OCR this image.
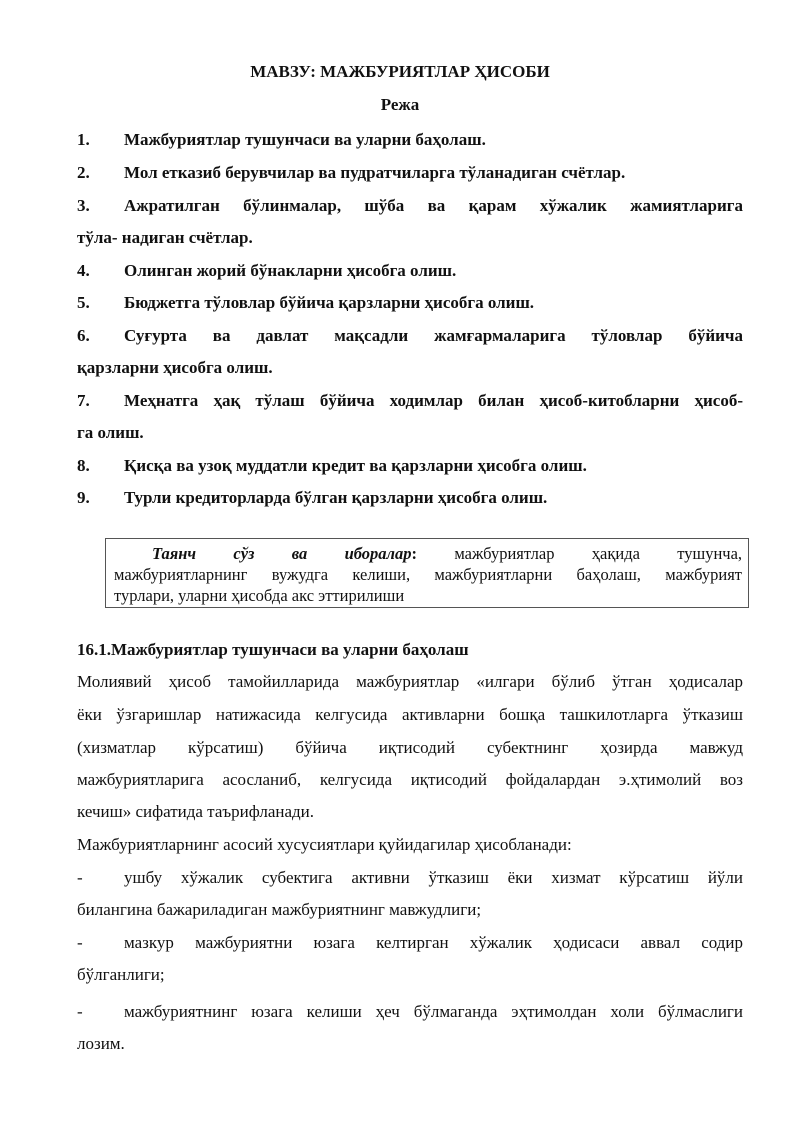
МАВЗУ: МАЖБУРИЯТЛАР ҲИСОБИ
Режа
1. Мажбуриятлар тушунчаси ва уларни баҳолаш.
2. Мол етказиб берувчилар ва пудратчиларга тўланадиган счётлар.
3. Ажратилган бўлинмалар, шўба ва қарам хўжалик жамиятларига
тўла- надиган счётлар.
4. Олинган жорий бўнакларни ҳисобга олиш.
5. Бюджетга тўловлар бўйича қарзларни ҳисобга олиш.
6. Суғурта ва давлат мақсадли жамғармаларига тўловлар бўйича
қарзларни ҳисобга олиш.
7. Меҳнатга ҳақ тўлаш бўйича ходимлар билан ҳисоб-китобларни ҳисоб-
га олиш.
8. Қисқа ва узоқ муддатли кредит ва қарзларни ҳисобга олиш.
9. Турли кредиторларда бўлган қарзларни ҳисобга олиш.
Таянч сўз ва иборалар: мажбуриятлар ҳақида тушунча,
мажбуриятларнинг вужудга келиши, мажбуриятларни баҳолаш, мажбурият
турлари, уларни ҳисобда акс эттирилиши
16.1.Мажбуриятлар тушунчаси ва уларни баҳолаш
Молиявий ҳисоб тамойилларида мажбуриятлар «илгари бўлиб ўтган ҳодисалар
ёки ўзгаришлар натижасида келгусида активларни бошқа ташкилотларга ўтказиш
(хизматлар кўрсатиш) бўйича иқтисодий субектнинг ҳозирда мавжуд
мажбуриятларига асосланиб, келгусида иқтисодий фойдалардан э.ҳтимолий воз
кечиш» сифатида таърифланади.
Мажбуриятларнинг асосий хусусиятлари қуйидагилар ҳисобланади:
- ушбу хўжалик субектига активни ўтказиш ёки хизмат кўрсатиш йўли
билангина бажариладиган мажбуриятнинг мавжудлиги;
- мазкур мажбуриятни юзага келтирган хўжалик ҳодисаси аввал содир
бўлганлиги;
- мажбуриятнинг юзага келиши ҳеч бўлмаганда эҳтимолдан холи бўлмаслиги
лозим.
